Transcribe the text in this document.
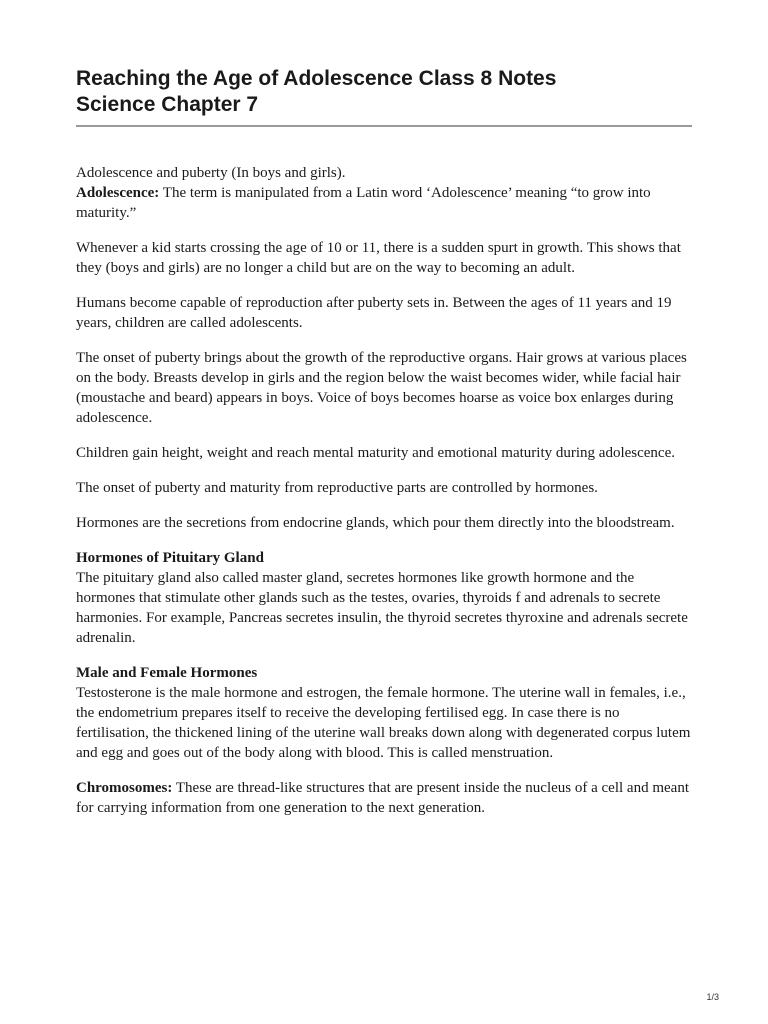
Reaching the Age of Adolescence Class 8 Notes
Science Chapter 7

Adolescence and puberty (In boys and girls).

Adolescence: The term is manipulated from a Latin word ‘Adolescence’ meaning “to grow into maturity.”

Whenever a kid starts crossing the age of 10 or 11, there is a sudden spurt in growth. This shows that they (boys and girls) are no longer a child but are on the way to becoming an adult.

Humans become capable of reproduction after puberty sets in. Between the ages of 11 years and 19 years, children are called adolescents.

The onset of puberty brings about the growth of the reproductive organs. Hair grows at various places on the body. Breasts develop in girls and the region below the waist becomes wider, while facial hair (moustache and beard) appears in boys. Voice of boys becomes hoarse as voice box enlarges during adolescence.

Children gain height, weight and reach mental maturity and emotional maturity during adolescence.

The onset of puberty and maturity from reproductive parts are controlled by hormones.

Hormones are the secretions from endocrine glands, which pour them directly into the bloodstream.

Hormones of Pituitary Gland
The pituitary gland also called master gland, secretes hormones like growth hormone and the hormones that stimulate other glands such as the testes, ovaries, thyroids f and adrenals to secrete harmonies. For example, Pancreas secretes insulin, the thyroid secretes thyroxine and adrenals secrete adrenalin.

Male and Female Hormones
Testosterone is the male hormone and estrogen, the female hormone. The uterine wall in females, i.e., the endometrium prepares itself to receive the developing fertilised egg. In case there is no fertilisation, the thickened lining of the uterine wall breaks down along with degenerated corpus lutem and egg and goes out of the body along with blood. This is called menstruation.

Chromosomes: These are thread-like structures that are present inside the nucleus of a cell and meant for carrying information from one generation to the next generation.

1/3
